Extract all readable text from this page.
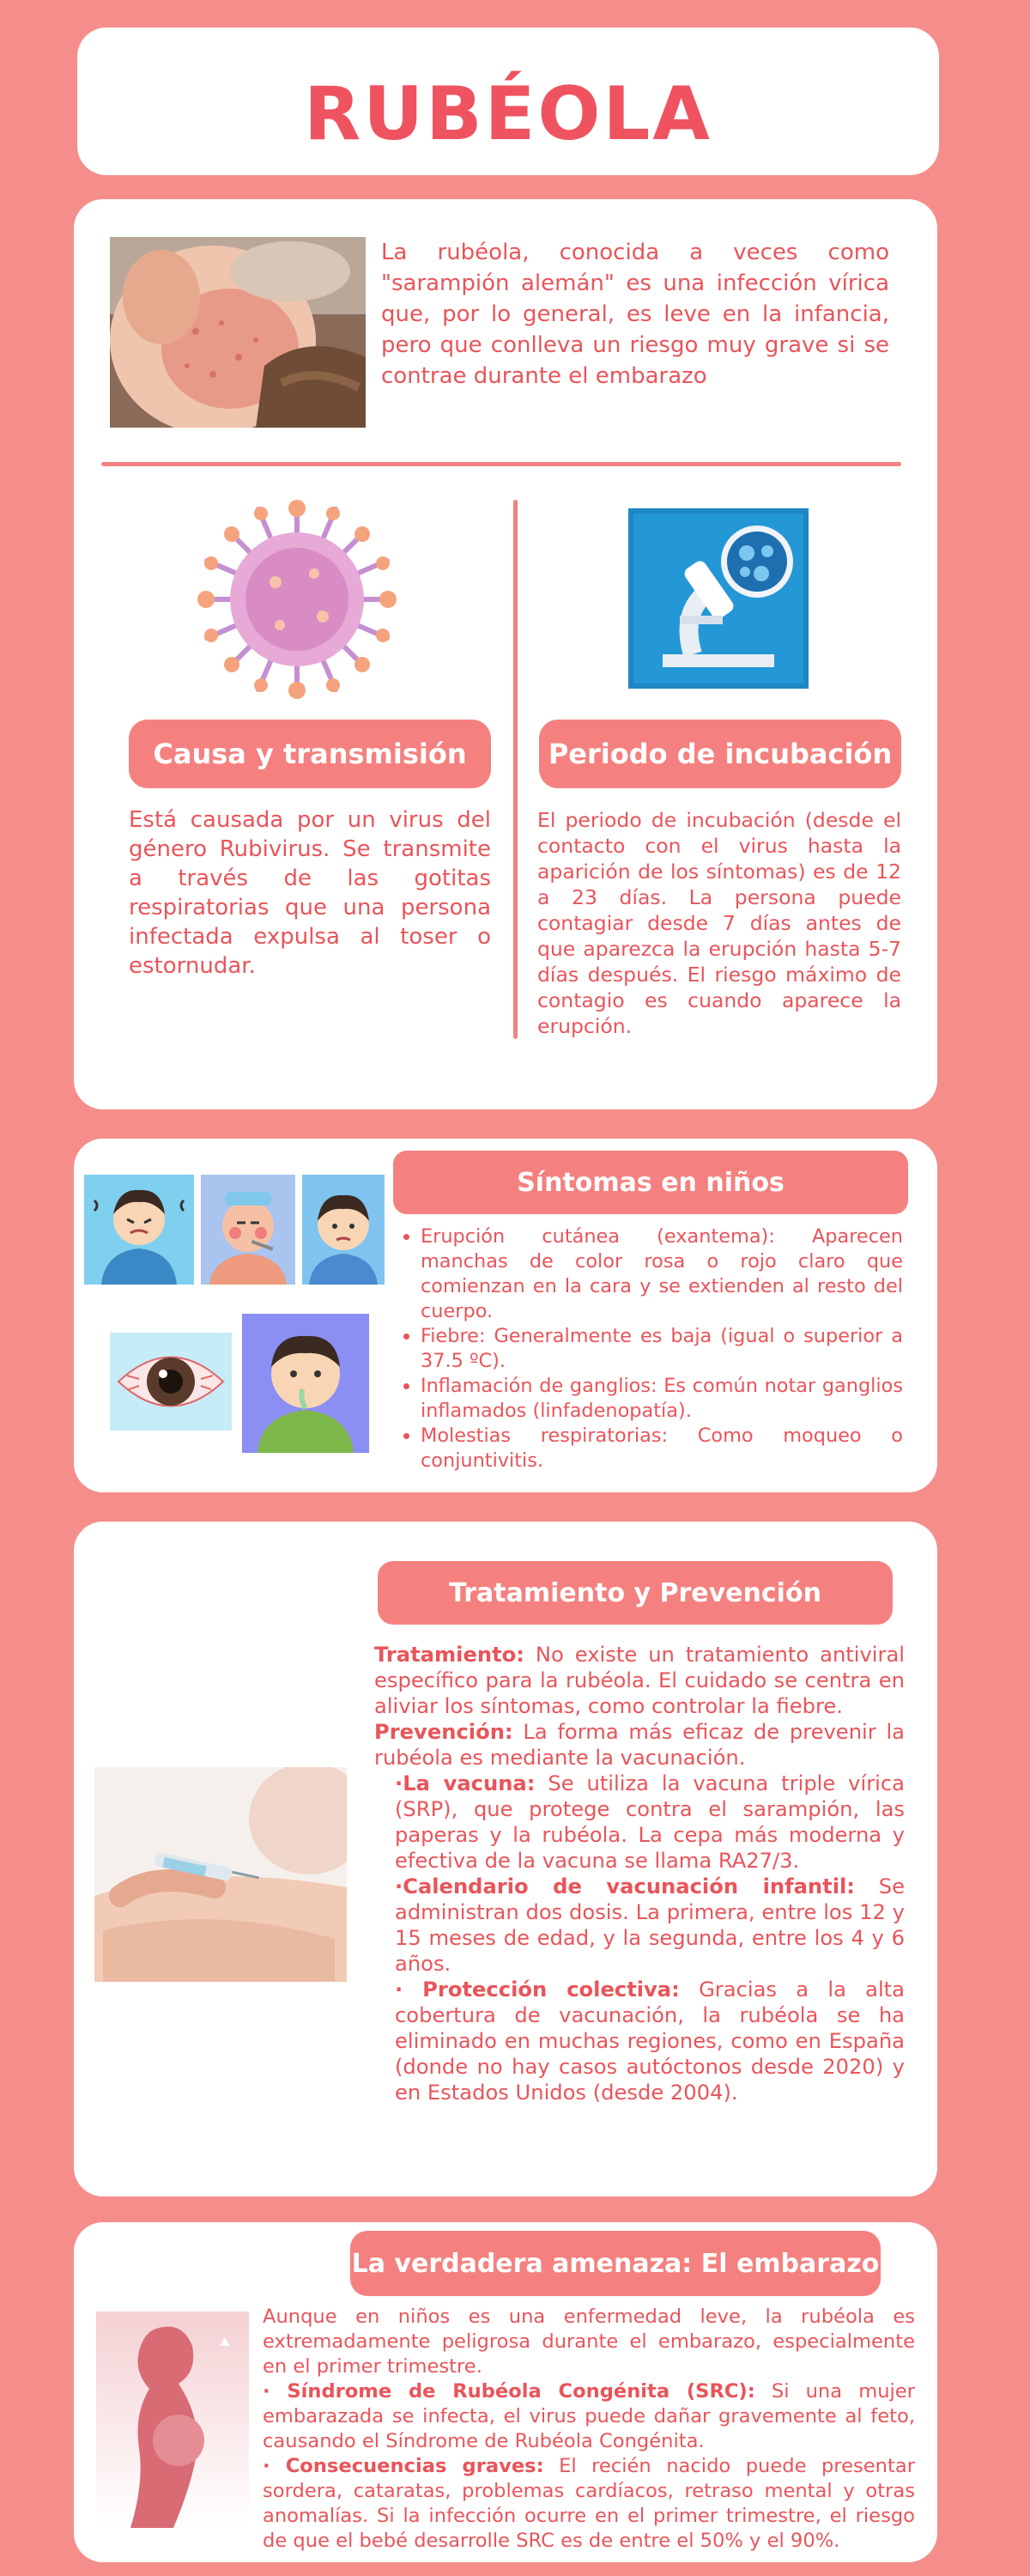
RUBÉOLA

La rubéola, conocida a veces como "sarampión alemán" es una infección vírica que, por lo general, es leve en la infancia, pero que conlleva un riesgo muy grave si se contrae durante el embarazo

Causa y transmisión	Periodo de incubación

Está causada por un virus del género Rubivirus. Se transmite a través de las gotitas respiratorias que una persona infectada expulsa al toser o estornudar.

El periodo de incubación (desde el contacto con el virus hasta la aparición de los síntomas) es de 12 a 23 días. La persona puede contagiar desde 7 días antes de que aparezca la erupción hasta 5-7 días después. El riesgo máximo de contagio es cuando aparece la erupción.

Síntomas en niños
• Erupción cutánea (exantema): Aparecen manchas de color rosa o rojo claro que comienzan en la cara y se extienden al resto del cuerpo.
• Fiebre: Generalmente es baja (igual o superior a 37.5 ºC).
• Inflamación de ganglios: Es común notar ganglios inflamados (linfadenopatía).
• Molestias respiratorias: Como moqueo o conjuntivitis.
Tratamiento y Prevención

Tratamiento: No existe un tratamiento antiviral específico para la rubéola. El cuidado se centra en aliviar los síntomas, como controlar la fiebre.

Prevención: La forma más eficaz de prevenir la rubéola es mediante la vacunación.

·La vacuna: Se utiliza la vacuna triple vírica (SRP), que protege contra el sarampión, las paperas y la rubéola. La cepa más moderna y efectiva de la vacuna se llama RA27/3.

·Calendario de vacunación infantil: Se administran dos dosis. La primera, entre los 12 y 15 meses de edad, y la segunda, entre los 4 y 6 años.

· Protección colectiva: Gracias a la alta cobertura de vacunación, la rubéola se ha eliminado en muchas regiones, como en España (donde no hay casos autóctonos desde 2020) y en Estados Unidos (desde 2004).

La verdadera amenaza: El embarazo

Aunque en niños es una enfermedad leve, la rubéola es extremadamente peligrosa durante el embarazo, especialmente en el primer trimestre.

· Síndrome de Rubéola Congénita (SRC): Si una mujer embarazada se infecta, el virus puede dañar gravemente al feto, causando el Síndrome de Rubéola Congénita.

· Consecuencias graves: El recién nacido puede presentar sordera, cataratas, problemas cardíacos, retraso mental y otras anomalías. Si la infección ocurre en el primer trimestre, el riesgo de que el bebé desarrolle SRC es de entre el 50% y el 90%.
